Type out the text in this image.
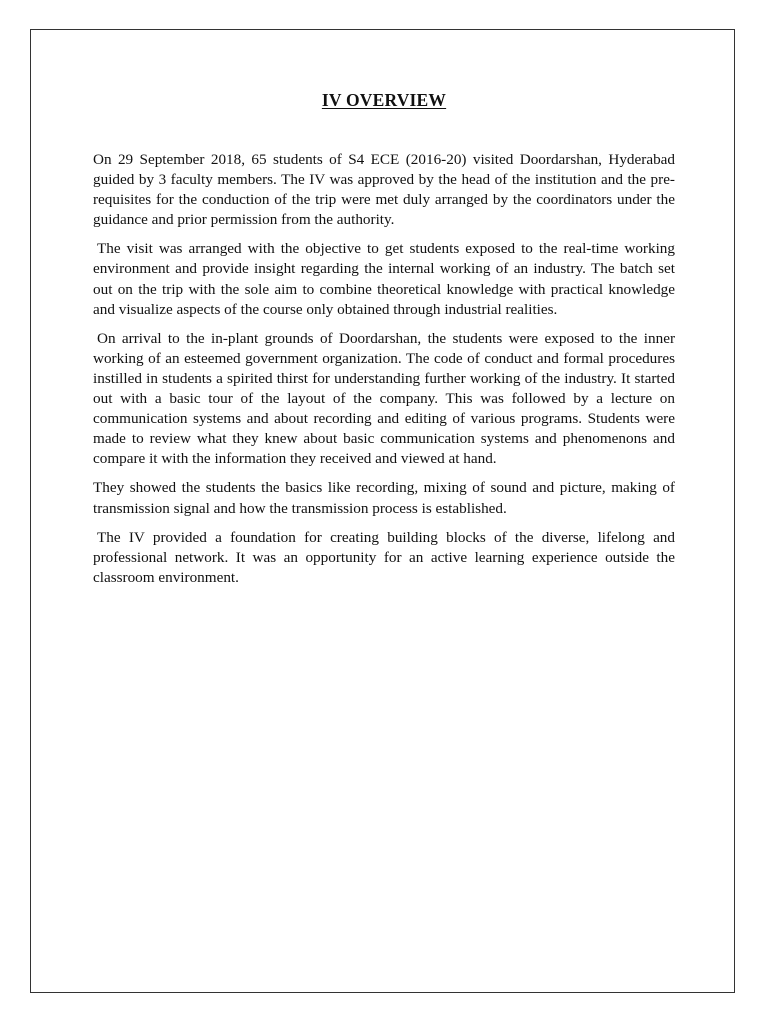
IV OVERVIEW

On 29 September 2018, 65 students of S4 ECE (2016-20) visited Doordarshan, Hyderabad guided by 3 faculty members. The IV was approved by the head of the institution and the pre-requisites for the conduction of the trip were met duly arranged by the coordinators under the guidance and prior permission from the authority.

The visit was arranged with the objective to get students exposed to the real-time working environment and provide insight regarding the internal working of an industry. The batch set out on the trip with the sole aim to combine theoretical knowledge with practical knowledge and visualize aspects of the course only obtained through industrial realities.

On arrival to the in-plant grounds of Doordarshan, the students were exposed to the inner working of an esteemed government organization. The code of conduct and formal procedures instilled in students a spirited thirst for understanding further working of the industry. It started out with a basic tour of the layout of the company. This was followed by a lecture on communication systems and about recording and editing of various programs. Students were made to review what they knew about basic communication systems and phenomenons and compare it with the information they received and viewed at hand.

They showed the students the basics like recording, mixing of sound and picture, making of transmission signal and how the transmission process is established.

The IV provided a foundation for creating building blocks of the diverse, lifelong and professional network. It was an opportunity for an active learning experience outside the classroom environment.
